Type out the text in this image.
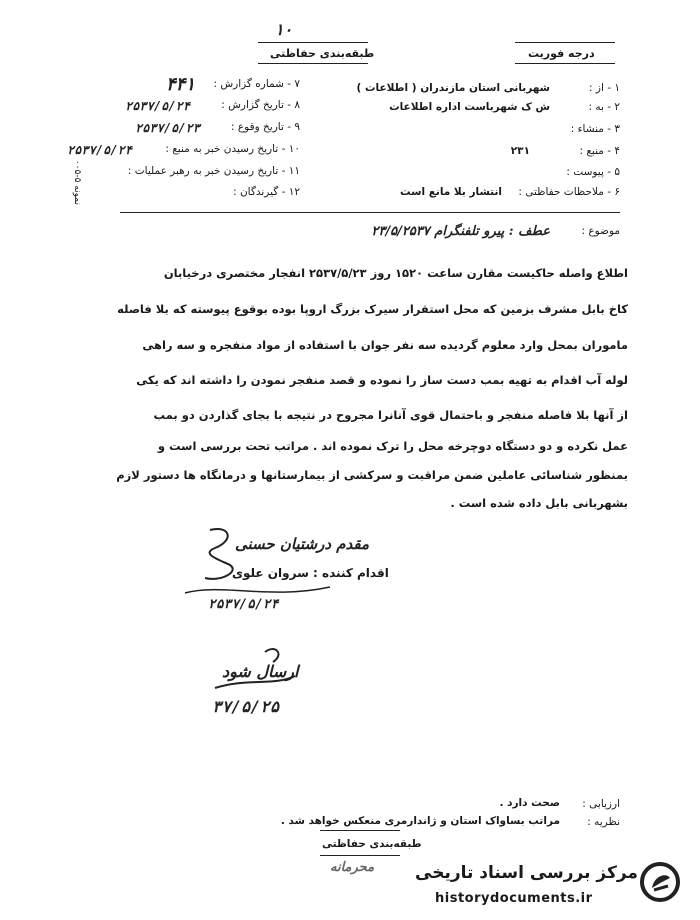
۱۰
طبقه‌بندی حفاظتی	درجه فوریت
نمونه ۵-۰۰۵
۱ - از :
شهربانی استان مازندران ( اطلاعات )
۲ - به :
ش ک شهرباست اداره اطلاعات
۳ - منشاء :
۴ - منبع :
۲۳۱
۵ - پیوست :
۶ - ملاحظات حفاظتی :
انتشار بلا مانع است
۷ - شماره گزارش :
۴۴۱
۸ - تاریخ گزارش :
۲۵۳۷/۵/۲۴
۹ - تاریخ وقوع :
۲۵۳۷/۵/۲۳
۱۰ - تاریخ رسیدن خبر به منبع :
۲۵۳۷/۵/۲۴
۱۱ - تاریخ رسیدن خبر به رهبر عملیات :
۱۲ - گیرندگان :
موضوع :
عطف : پیرو تلفنگرام ۲۳/۵/۲۵۳۷
اطلاع واصله حاکیست مقارن ساعت ۱۵۲۰ روز ۲۵۳۷/۵/۲۳ انفجار مختصری درخیابان
کاخ بابل مشرف بزمین که محل استقرار سیرک بزرگ اروپا بوده بوقوع پیوسته که بلا فاصله
ماموران بمحل وارد معلوم گردیده سه نفر جوان با استفاده از مواد منفجره و سه راهی
لوله آب اقدام به تهیه بمب دست ساز را نموده و قصد منفجر نمودن را داشته اند که یکی
از آنها بلا فاصله منفجر و باحتمال قوی آنانرا مجروح در نتیجه با بجای گذاردن دو بمب
عمل نکرده و دو دستگاه دوچرخه محل را ترک نموده اند . مراتب تحت بررسی است و
بمنظور شناسائی عاملین ضمن مراقبت و سرکشی از بیمارستانها و درمانگاه ها دستور لازم
بشهربانی بابل داده شده است .
مقدم درشتیان حسنی
اقدام کننده : سروان علوی
۲۵۳۷/۵/۲۴
ارسال شود
۳۷/۵/۲۵
ارزیابی :
صحت دارد .
نظریه :
مراتب بساواک استان و ژاندارمری منعکس خواهد شد .
طبقه‌بندی حفاظتی
محرمانه مرکز بررسی اسناد تاریخی
historydocuments.ir
